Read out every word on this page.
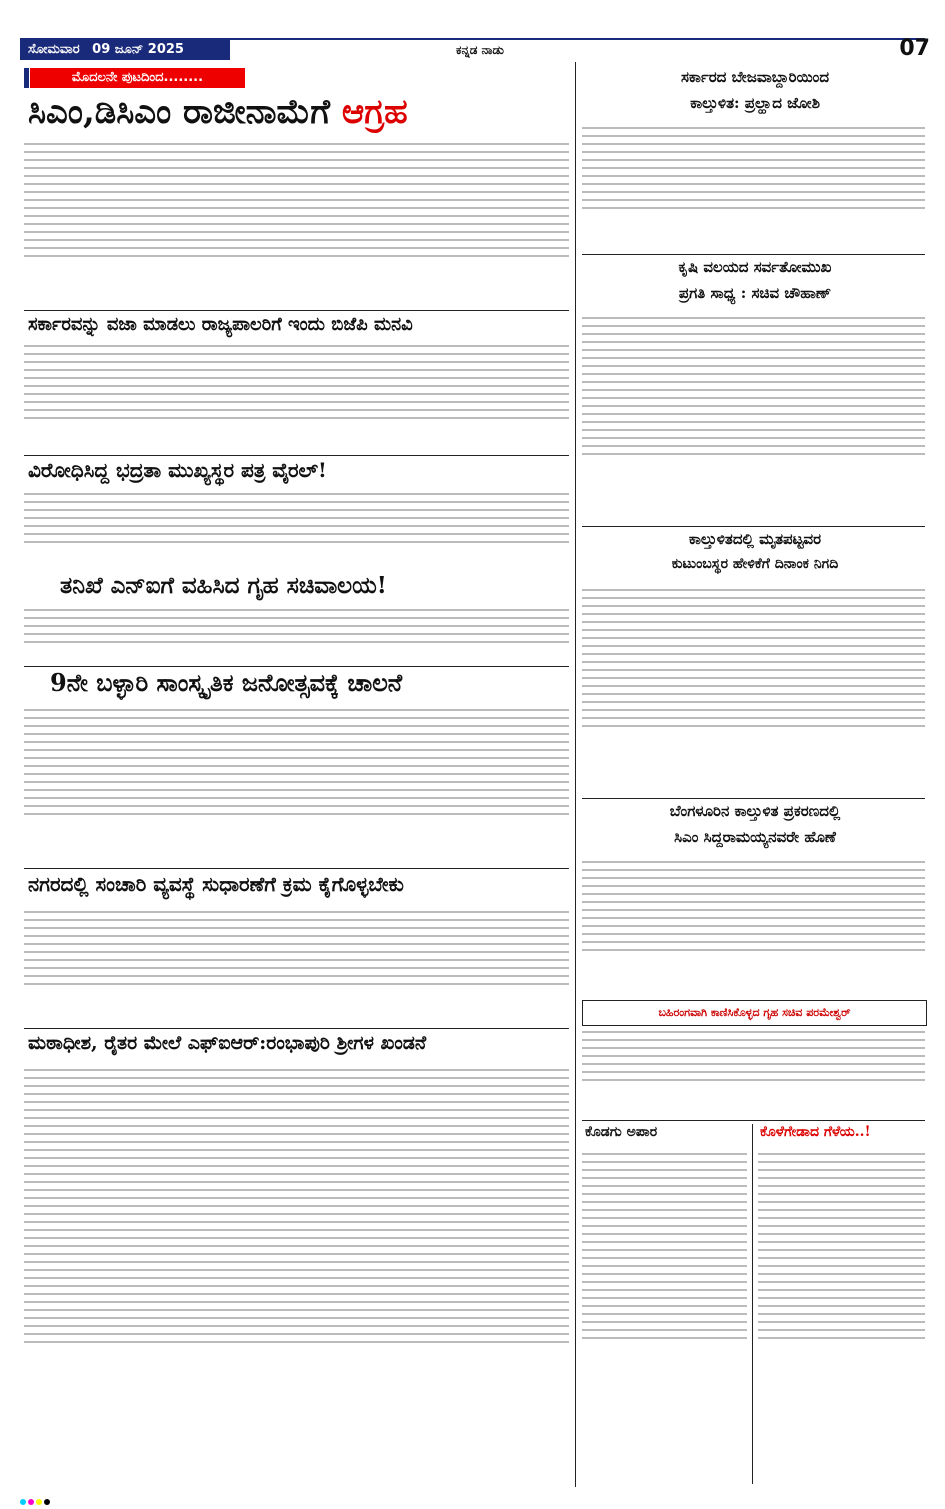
ಸೋಮವಾರ 09 ಜೂನ್ 2025	ಕನ್ನಡ ನಾಡು	07
ಮೊದಲನೇ ಪುಟದಿಂದ........
ಸಿಎಂ,ಡಿಸಿಎಂ ರಾಜೀನಾಮೆಗೆ ಆಗ್ರಹ
ಸರ್ಕಾರವನ್ನು ವಜಾ ಮಾಡಲು ರಾಜ್ಯಪಾಲರಿಗೆ ಇಂದು ಬಿಜೆಪಿ ಮನವಿ
ವಿರೋಧಿಸಿದ್ದ ಭದ್ರತಾ ಮುಖ್ಯಸ್ಥರ ಪತ್ರ ವೈರಲ್!
ತನಿಖೆ ಎನ್‌ಐಗೆ ವಹಿಸಿದ ಗೃಹ ಸಚಿವಾಲಯ!
9ನೇ ಬಳ್ಳಾರಿ ಸಾಂಸ್ಕೃತಿಕ ಜನೋತ್ಸವಕ್ಕೆ ಚಾಲನೆ
ನಗರದಲ್ಲಿ ಸಂಚಾರಿ ವ್ಯವಸ್ಥೆ ಸುಧಾರಣೆಗೆ ಕ್ರಮ ಕೈಗೊಳ್ಳಬೇಕು
ಮಠಾಧೀಶ, ರೈತರ ಮೇಲೆ ಎಫ್‌ಐಆರ್:ರಂಭಾಪುರಿ ಶ್ರೀಗಳ ಖಂಡನೆ
ಸರ್ಕಾರದ ಬೇಜವಾಬ್ದಾರಿಯಿಂದ
ಕಾಲ್ತುಳಿತ: ಪ್ರಲ್ಹಾದ ಜೋಶಿ
ಕೃಷಿ ವಲಯದ ಸರ್ವತೋಮುಖ
ಪ್ರಗತಿ ಸಾಧ್ಯ : ಸಚಿವ ಚೌಹಾಣ್
ಕಾಲ್ತುಳಿತದಲ್ಲಿ ಮೃತಪಟ್ಟವರ
ಕುಟುಂಬಸ್ಥರ ಹೇಳಿಕೆಗೆ ದಿನಾಂಕ ನಿಗದಿ
ಬೆಂಗಳೂರಿನ ಕಾಲ್ತುಳಿತ ಪ್ರಕರಣದಲ್ಲಿ
ಸಿಎಂ ಸಿದ್ದರಾಮಯ್ಯನವರೇ ಹೊಣೆ
ಬಹಿರಂಗವಾಗಿ ಕಾಣಿಸಿಕೊಳ್ಳದ ಗೃಹ ಸಚಿವ ಪರಮೇಶ್ವರ್
ಕೊಡಗು ಅಪಾರ	ಕೊಳೆಗೇಡಾದ ಗೆಳೆಯ..!
